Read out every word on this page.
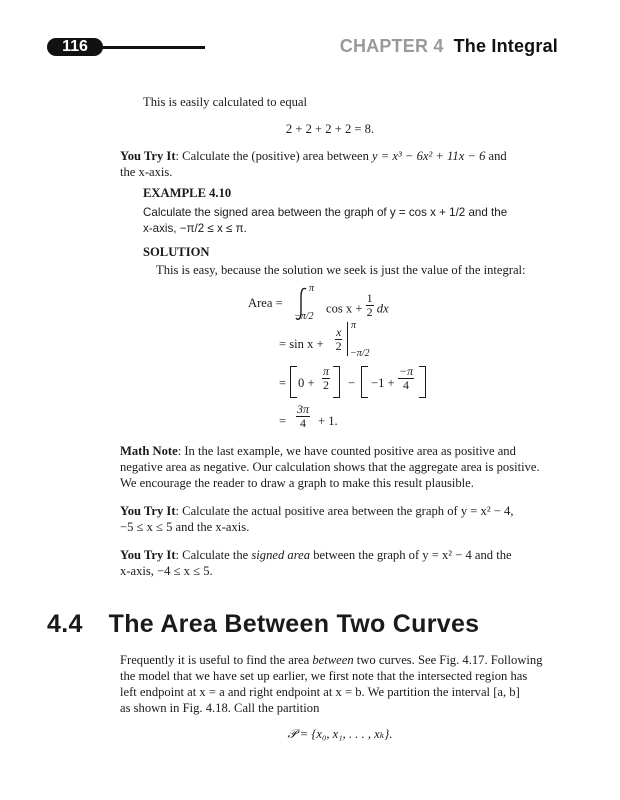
116	CHAPTER 4 The Integral
This is easily calculated to equal
2 + 2 + 2 + 2 = 8.
You Try It: Calculate the (positive) area between y = x³ − 6x² + 11x − 6 and
the x-axis.
EXAMPLE 4.10
Calculate the signed area between the graph of y = cos x + 1/2 and the
x-axis, −π/2 ≤ x ≤ π.
SOLUTION
This is easy, because the solution we seek is just the value of the integral:
Area =
π
−π/2
$\cos x + \frac{1}{2}$ dx
= $\sin x + \frac{x}{2}$
π
−π/2
= $0 + \frac{\pi}{2} - -1 + \frac{-\pi}{4}$
= $\frac{3\pi}{4} + 1$.
Math Note: In the last example, we have counted positive area as positive and
negative area as negative. Our calculation shows that the aggregate area is positive.
We encourage the reader to draw a graph to make this result plausible.
You Try It: Calculate the actual positive area between the graph of y = x² − 4,
−5 ≤ x ≤ 5 and the x-axis.
You Try It: Calculate the signed area between the graph of y = x² − 4 and the
x-axis, −4 ≤ x ≤ 5.
4.4 The Area Between Two Curves
Frequently it is useful to find the area between two curves. See Fig. 4.17. Following
the model that we have set up earlier, we first note that the intersected region has
left endpoint at x = a and right endpoint at x = b. We partition the interval [a, b]
as shown in Fig. 4.18. Call the partition
𝒫 = {x₀, x₁, . . . , xₖ}.
